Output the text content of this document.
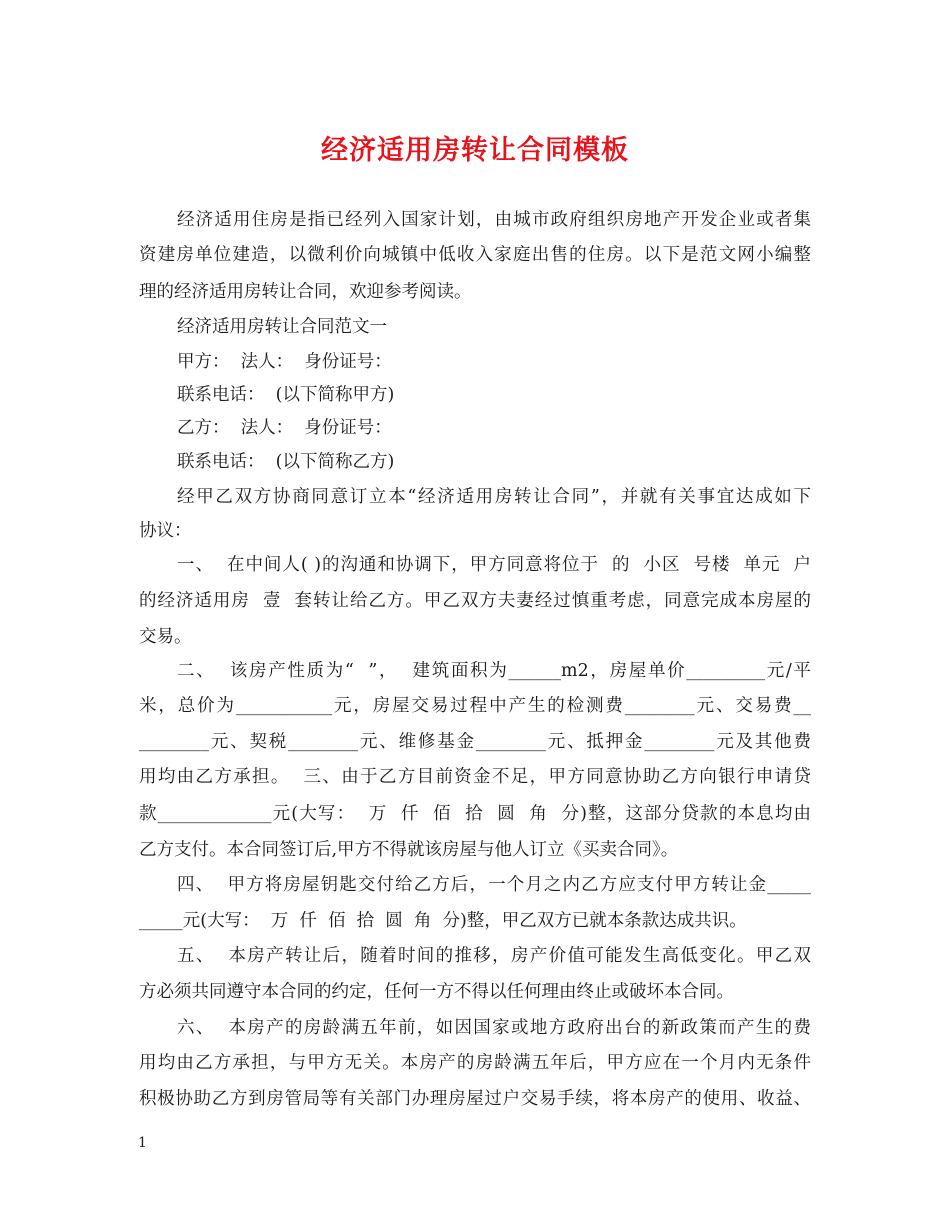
经济适用房转让合同模板
经济适用住房是指已经列入国家计划，由城市政府组织房地产开发企业或者集
资建房单位建造，以微利价向城镇中低收入家庭出售的住房。以下是范文网小编整
理的经济适用房转让合同，欢迎参考阅读。
经济适用房转让合同范文一
甲方：  法人：  身份证号：
联系电话：  (以下简称甲方)
乙方：  法人：  身份证号：
联系电话：  (以下简称乙方)
经甲乙双方协商同意订立本“经济适用房转让合同”，并就有关事宜达成如下
协议：
一、  在中间人( )的沟通和协调下，甲方同意将位于  的  小区  号楼  单元  户
的经济适用房  壹  套转让给乙方。甲乙双方夫妻经过慎重考虑，同意完成本房屋的
交易。
二、  该房产性质为“  ”，  建筑面积为______m2，房屋单价_________元/平
米，总价为___________元，房屋交易过程中产生的检测费________元、交易费__
________元、契税________元、维修基金________元、抵押金________元及其他费
用均由乙方承担。  三、由于乙方目前资金不足，甲方同意协助乙方向银行申请贷
款_____________元(大写：  万  仟  佰  拾  圆  角  分)整，这部分贷款的本息均由
乙方支付。本合同签订后,甲方不得就该房屋与他人订立《买卖合同》。
四、  甲方将房屋钥匙交付给乙方后，一个月之内乙方应支付甲方转让金_____
_____元(大写：  万  仟  佰  拾  圆  角  分)整，甲乙双方已就本条款达成共识。
五、  本房产转让后，随着时间的推移，房产价值可能发生高低变化。甲乙双
方必须共同遵守本合同的约定，任何一方不得以任何理由终止或破坏本合同。
六、  本房产的房龄满五年前，如因国家或地方政府出台的新政策而产生的费
用均由乙方承担，与甲方无关。本房产的房龄满五年后，甲方应在一个月内无条件
积极协助乙方到房管局等有关部门办理房屋过户交易手续，将本房产的使用、收益、
1
